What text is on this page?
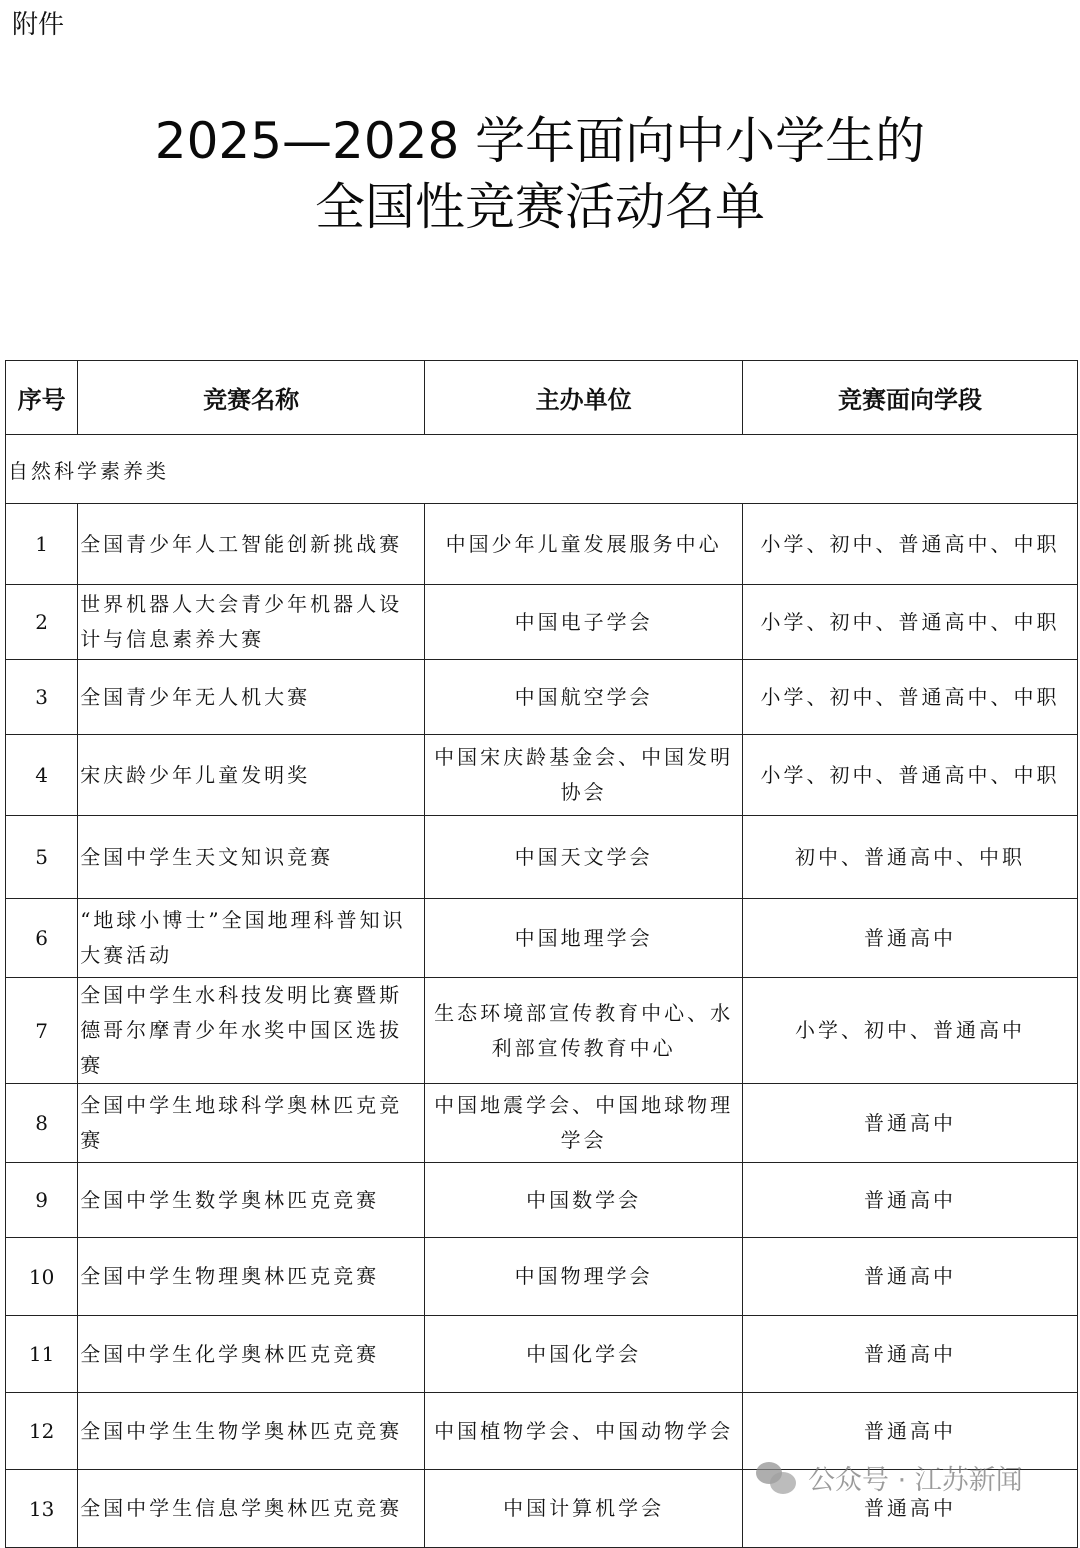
附件
2025—2028 学年面向中小学生的
全国性竞赛活动名单
序号	竞赛名称	主办单位	竞赛面向学段
自然科学素养类			
1	全国青少年人工智能创新挑战赛	中国少年儿童发展服务中心	小学、初中、普通高中、中职
2	世界机器人大会青少年机器人设计与信息素养大赛	中国电子学会	小学、初中、普通高中、中职
3	全国青少年无人机大赛	中国航空学会	小学、初中、普通高中、中职
4	宋庆龄少年儿童发明奖	中国宋庆龄基金会、中国发明协会	小学、初中、普通高中、中职
5	全国中学生天文知识竞赛	中国天文学会	初中、普通高中、中职
6	“地球小博士”全国地理科普知识大赛活动	中国地理学会	普通高中
7	全国中学生水科技发明比赛暨斯德哥尔摩青少年水奖中国区选拔赛	生态环境部宣传教育中心、水利部宣传教育中心	小学、初中、普通高中
8	全国中学生地球科学奥林匹克竞赛	中国地震学会、中国地球物理学会	普通高中
9	全国中学生数学奥林匹克竞赛	中国数学会	普通高中
10	全国中学生物理奥林匹克竞赛	中国物理学会	普通高中
11	全国中学生化学奥林匹克竞赛	中国化学会	普通高中
12	全国中学生生物学奥林匹克竞赛	中国植物学会、中国动物学会	普通高中
13	全国中学生信息学奥林匹克竞赛	中国计算机学会	普通高中
公众号 · 江苏新闻
